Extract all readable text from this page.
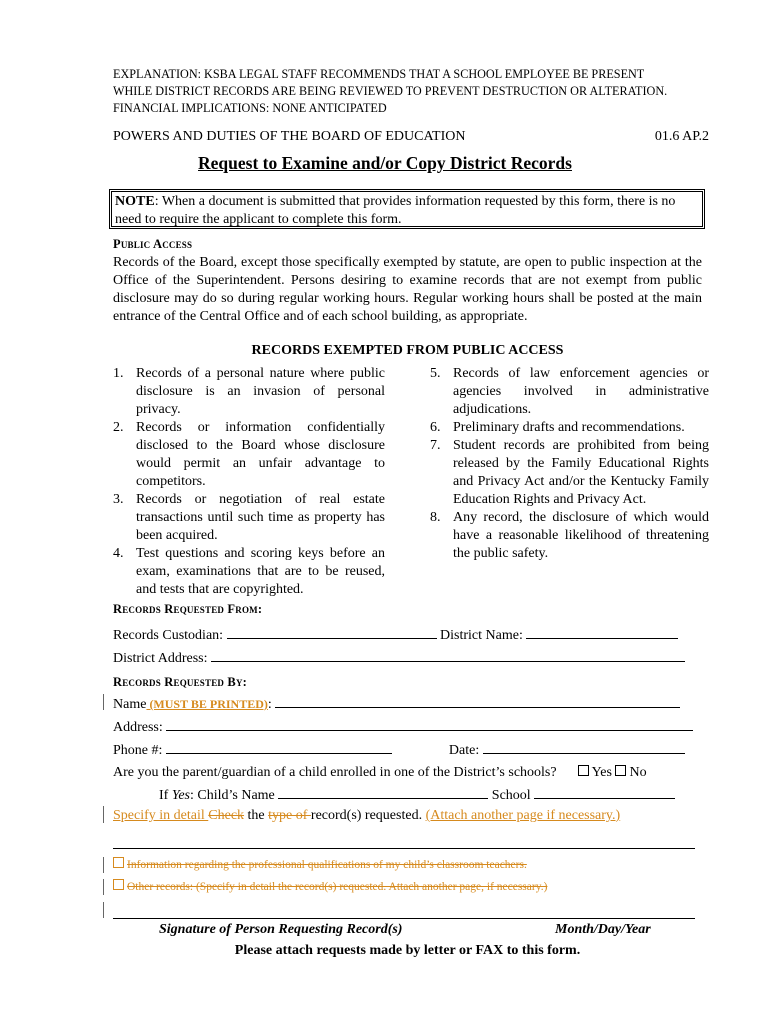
EXPLANATION: KSBA LEGAL STAFF RECOMMENDS THAT A SCHOOL EMPLOYEE BE PRESENT
WHILE DISTRICT RECORDS ARE BEING REVIEWED TO PREVENT DESTRUCTION OR ALTERATION.
FINANCIAL IMPLICATIONS: NONE ANTICIPATED
POWERS AND DUTIES OF THE BOARD OF EDUCATION	01.6 AP.2
Request to Examine and/or Copy District Records
NOTE: When a document is submitted that provides information requested by this form, there is no need to require the applicant to complete this form.
Public Access
Records of the Board, except those specifically exempted by statute, are open to public inspection at the Office of the Superintendent. Persons desiring to examine records that are not exempt from public disclosure may do so during regular working hours. Regular working hours shall be posted at the main entrance of the Central Office and of each school building, as appropriate.
RECORDS EXEMPTED FROM PUBLIC ACCESS
1. Records of a personal nature where public disclosure is an invasion of personal privacy.
2. Records or information confidentially disclosed to the Board whose disclosure would permit an unfair advantage to competitors.
3. Records or negotiation of real estate transactions until such time as property has been acquired.
4. Test questions and scoring keys before an exam, examinations that are to be reused, and tests that are copyrighted.
5. Records of law enforcement agencies or agencies involved in administrative adjudications.
6. Preliminary drafts and recommendations.
7. Student records are prohibited from being released by the Family Educational Rights and Privacy Act and/or the Kentucky Family Education Rights and Privacy Act.
8. Any record, the disclosure of which would have a reasonable likelihood of threatening the public safety.
Records Requested From:
Records Custodian:	District Name:
District Address:
Records Requested By:
Name (MUST BE PRINTED):
Address:
Phone #:	Date:
Are you the parent/guardian of a child enrolled in one of the District’s schools?	Yes No
If Yes: Child’s Name	School
Specify in detail Check the type of record(s) requested. (Attach another page if necessary.)
Information regarding the professional qualifications of my child’s classroom teachers.
Other records: (Specify in detail the record(s) requested. Attach another page, if necessary.)
Signature of Person Requesting Record(s)	Month/Day/Year
Please attach requests made by letter or FAX to this form.
